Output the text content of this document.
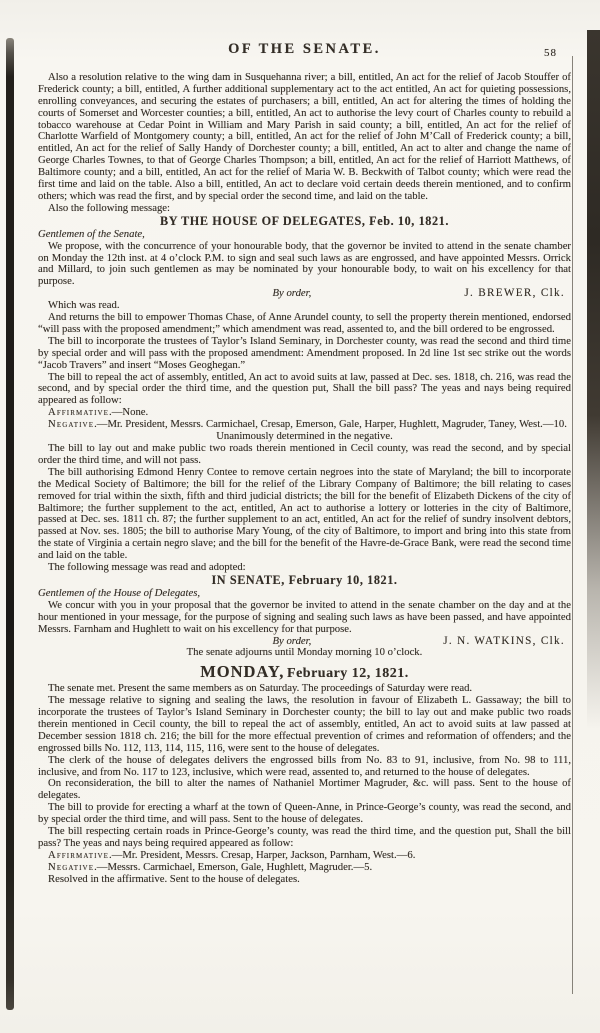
OF THE SENATE.	58

Also a resolution relative to the wing dam in Susquehanna river; a bill, entitled, An act for the relief of Jacob Stouffer of Frederick county; a bill, entitled, A further additional supplementary act to the act entitled, An act for quieting possessions, enrolling conveyances, and securing the estates of purchasers; a bill, entitled, An act for altering the times of holding the courts of Somerset and Worcester counties; a bill, entitled, An act to authorise the levy court of Charles county to rebuild a tobacco warehouse at Cedar Point in William and Mary Parish in said county; a bill, entitled, An act for the relief of Charlotte Warfield of Montgomery county; a bill, entitled, An act for the relief of John M’Call of Frederick county; a bill, entitled, An act for the relief of Sally Handy of Dorchester county; a bill, entitled, An act to alter and change the name of George Charles Townes, to that of George Charles Thompson; a bill, entitled, An act for the relief of Harriott Matthews, of Baltimore county; and a bill, entitled, An act for the relief of Maria W. B. Beckwith of Talbot county; which were read the first time and laid on the table. Also a bill, entitled, An act to declare void certain deeds therein mentioned, and to confirm others; which was read the first, and by special order the second time, and laid on the table.

Also the following message:

BY THE HOUSE OF DELEGATES, Feb. 10, 1821.

Gentlemen of the Senate,

We propose, with the concurrence of your honourable body, that the governor be invited to attend in the senate chamber on Monday the 12th inst. at 4 o’clock P.M. to sign and seal such laws as are engrossed, and have appointed Messrs. Orrick and Millard, to join such gentlemen as may be nominated by your honourable body, to wait on his excellency for that purpose.

By order,	J. BREWER, Clk.

Which was read.

And returns the bill to empower Thomas Chase, of Anne Arundel county, to sell the property therein mentioned, endorsed “will pass with the proposed amendment;” which amendment was read, assented to, and the bill ordered to be engrossed.

The bill to incorporate the trustees of Taylor’s Island Seminary, in Dorchester county, was read the second and third time by special order and will pass with the proposed amendment: Amendment proposed. In 2d line 1st sec strike out the words “Jacob Travers” and insert “Moses Geoghegan.”

The bill to repeal the act of assembly, entitled, An act to avoid suits at law, passed at Dec. ses. 1818, ch. 216, was read the second, and by special order the third time, and the question put, Shall the bill pass? The yeas and nays being required appeared as follow:

Affirmative.—None.

Negative.—Mr. President, Messrs. Carmichael, Cresap, Emerson, Gale, Harper, Hughlett, Magruder, Taney, West.—10.

Unanimously determined in the negative.

The bill to lay out and make public two roads therein mentioned in Cecil county, was read the second, and by special order the third time, and will not pass.

The bill authorising Edmond Henry Contee to remove certain negroes into the state of Maryland; the bill to incorporate the Medical Society of Baltimore; the bill for the relief of the Library Company of Baltimore; the bill relating to cases removed for trial within the sixth, fifth and third judicial districts; the bill for the benefit of Elizabeth Dickens of the city of Baltimore; the further supplement to the act, entitled, An act to authorise a lottery or lotteries in the city of Baltimore, passed at Dec. ses. 1811 ch. 87; the further supplement to an act, entitled, An act for the relief of sundry insolvent debtors, passed at Nov. ses. 1805; the bill to authorise Mary Young, of the city of Baltimore, to import and bring into this state from the state of Virginia a certain negro slave; and the bill for the benefit of the Havre-de-Grace Bank, were read the second time and laid on the table.

The following message was read and adopted:

IN SENATE, February 10, 1821.

Gentlemen of the House of Delegates,

We concur with you in your proposal that the governor be invited to attend in the senate chamber on the day and at the hour mentioned in your message, for the purpose of signing and sealing such laws as have been passed, and have appointed Messrs. Farnham and Hughlett to wait on his excellency for that purpose.

By order,	J. N. WATKINS, Clk.

The senate adjourns until Monday morning 10 o’clock.

MONDAY, February 12, 1821.

The senate met. Present the same members as on Saturday. The proceedings of Saturday were read.

The message relative to signing and sealing the laws, the resolution in favour of Elizabeth L. Gassaway; the bill to incorporate the trustees of Taylor’s Island Seminary in Dorchester county; the bill to lay out and make public two roads therein mentioned in Cecil county, the bill to repeal the act of assembly, entitled, An act to avoid suits at law passed at December session 1818 ch. 216; the bill for the more effectual prevention of crimes and reformation of offenders; and the engrossed bills No. 112, 113, 114, 115, 116, were sent to the house of delegates.

The clerk of the house of delegates delivers the engrossed bills from No. 83 to 91, inclusive, from No. 98 to 111, inclusive, and from No. 117 to 123, inclusive, which were read, assented to, and returned to the house of delegates.

On reconsideration, the bill to alter the names of Nathaniel Mortimer Magruder, &c. will pass. Sent to the house of delegates.

The bill to provide for erecting a wharf at the town of Queen-Anne, in Prince-George’s county, was read the second, and by special order the third time, and will pass. Sent to the house of delegates.

The bill respecting certain roads in Prince-George’s county, was read the third time, and the question put, Shall the bill pass? The yeas and nays being required appeared as follow:

Affirmative.—Mr. President, Messrs. Cresap, Harper, Jackson, Parnham, West.—6.

Negative.—Messrs. Carmichael, Emerson, Gale, Hughlett, Magruder.—5.

Resolved in the affirmative. Sent to the house of delegates.
